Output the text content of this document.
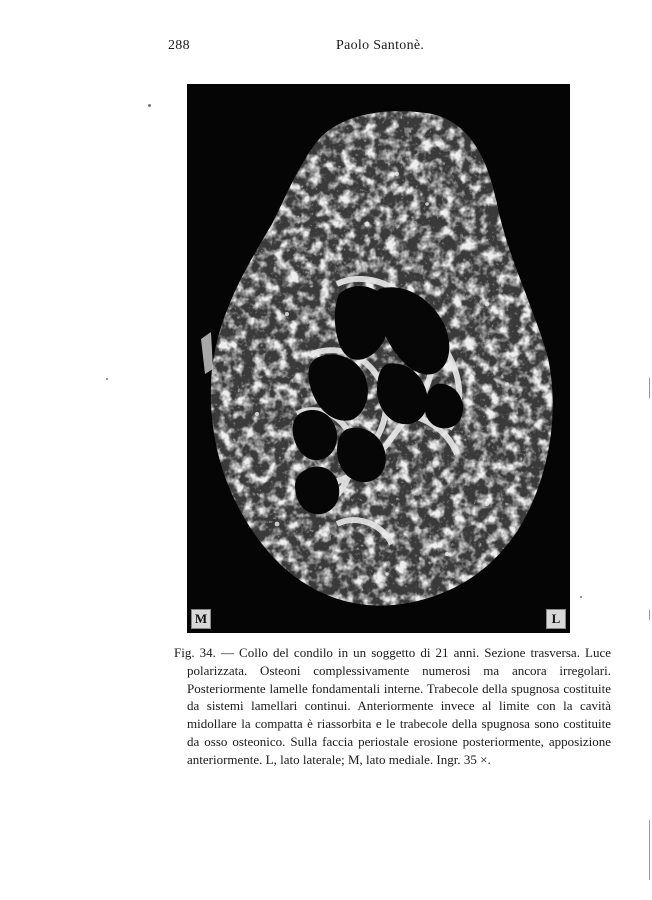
288	Paolo Santonè.
M	L
Fig. 34. — Collo del condilo in un soggetto di 21 anni. Sezione trasversa. Luce polarizzata. Osteoni complessivamente numerosi ma ancora irregolari. Posteriormente lamelle fondamentali interne. Trabecole della spugnosa costituite da sistemi lamellari continui. Anteriormente invece al limite con la cavità midollare la compatta è riassorbita e le trabecole della spugnosa sono costituite da osso osteonico. Sulla faccia periostale erosione posteriormente, apposizione anteriormente. L, lato laterale; M, lato mediale. Ingr. 35 ×.
